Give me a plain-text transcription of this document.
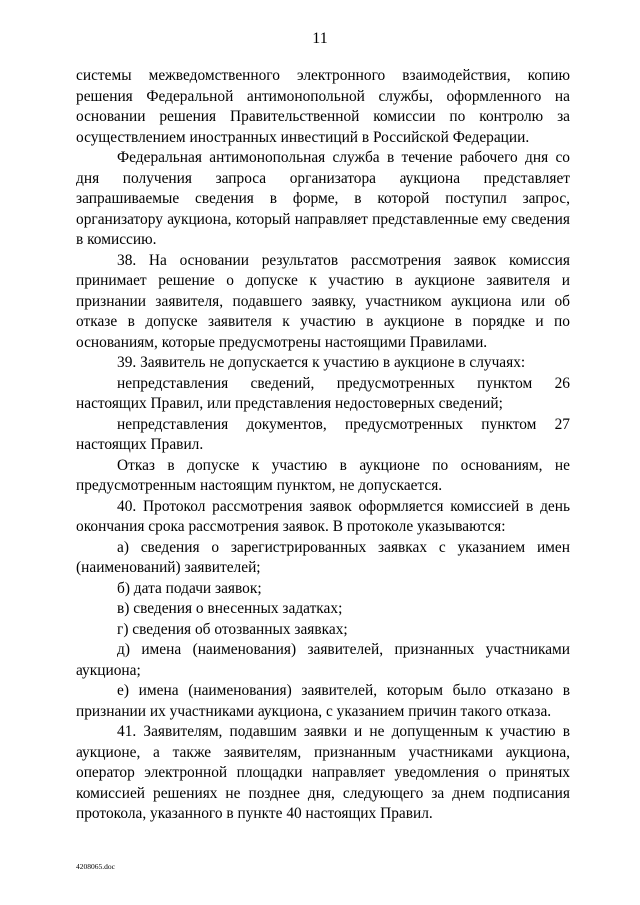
11

системы межведомственного электронного взаимодействия, копию решения Федеральной антимонопольной службы, оформленного на основании решения Правительственной комиссии по контролю за осуществлением иностранных инвестиций в Российской Федерации.

Федеральная антимонопольная служба в течение рабочего дня со дня получения запроса организатора аукциона представляет запрашиваемые сведения в форме, в которой поступил запрос, организатору аукциона, который направляет представленные ему сведения в комиссию.

38. На основании результатов рассмотрения заявок комиссия принимает решение о допуске к участию в аукционе заявителя и признании заявителя, подавшего заявку, участником аукциона или об отказе в допуске заявителя к участию в аукционе в порядке и по основаниям, которые предусмотрены настоящими Правилами.

39. Заявитель не допускается к участию в аукционе в случаях:

непредставления сведений, предусмотренных пунктом 26 настоящих Правил, или представления недостоверных сведений;

непредставления документов, предусмотренных пунктом 27 настоящих Правил.

Отказ в допуске к участию в аукционе по основаниям, не предусмотренным настоящим пунктом, не допускается.

40. Протокол рассмотрения заявок оформляется комиссией в день окончания срока рассмотрения заявок. В протоколе указываются:

а) сведения о зарегистрированных заявках с указанием имен (наименований) заявителей;

б) дата подачи заявок;

в) сведения о внесенных задатках;

г) сведения об отозванных заявках;

д) имена (наименования) заявителей, признанных участниками аукциона;

е) имена (наименования) заявителей, которым было отказано в признании их участниками аукциона, с указанием причин такого отказа.

41. Заявителям, подавшим заявки и не допущенным к участию в аукционе, а также заявителям, признанным участниками аукциона, оператор электронной площадки направляет уведомления о принятых комиссией решениях не позднее дня, следующего за днем подписания протокола, указанного в пункте 40 настоящих Правил.

4208065.doc
